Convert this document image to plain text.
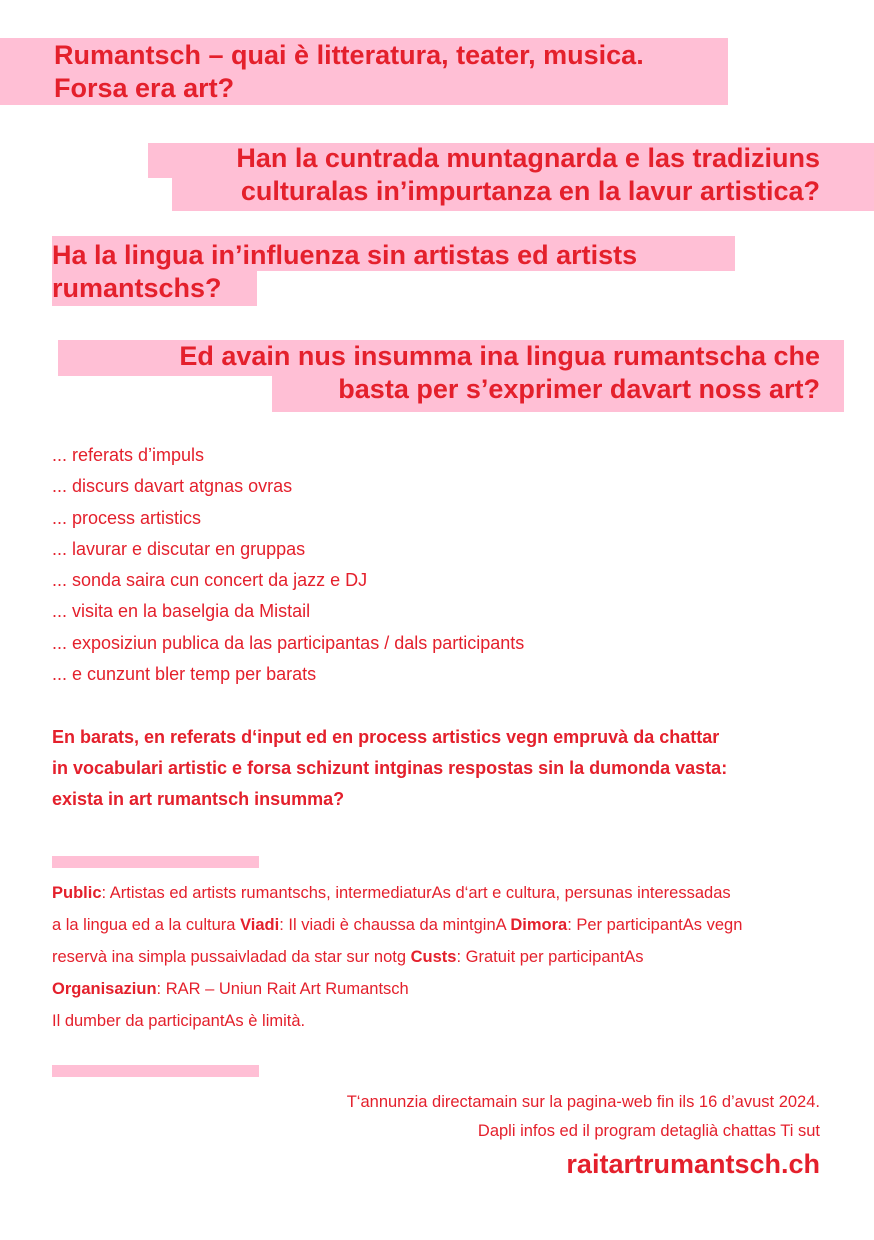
Rumantsch – quai è litteratura, teater, musica.
Forsa era art?
Han la cuntrada muntagnarda e las tradiziuns
culturalas in’impurtanza en la lavur artistica?
Ha la lingua in’influenza sin artistas ed artists
rumantschs?
Ed avain nus insumma ina lingua rumantscha che
basta per s’exprimer davart noss art?
... referats d’impuls
... discurs davart atgnas ovras
... process artistics
... lavurar e discutar en gruppas
... sonda saira cun concert da jazz e DJ
... visita en la baselgia da Mistail
... exposiziun publica da las participantas / dals participants
... e cunzunt bler temp per barats

En barats, en referats d‘input ed en process artistics vegn empruvà da chattar
in vocabulari artistic e forsa schizunt intginas respostas sin la dumonda vasta:
exista in art rumantsch insumma?

Public: Artistas ed artists rumantschs, intermediaturAs d‘art e cultura, persunas interessadas
a la lingua ed a la cultura Viadi: Il viadi è chaussa da mintginA Dimora: Per participantAs vegn
reservà ina simpla pussaivladad da star sur notg Custs: Gratuit per participantAs
Organisaziun: RAR – Uniun Rait Art Rumantsch
Il dumber da participantAs è limità.
T‘annunzia directamain sur la pagina-web fin ils 16 d’avust 2024.
Dapli infos ed il program detaglià chattas Ti sut
raitartrumantsch.ch
